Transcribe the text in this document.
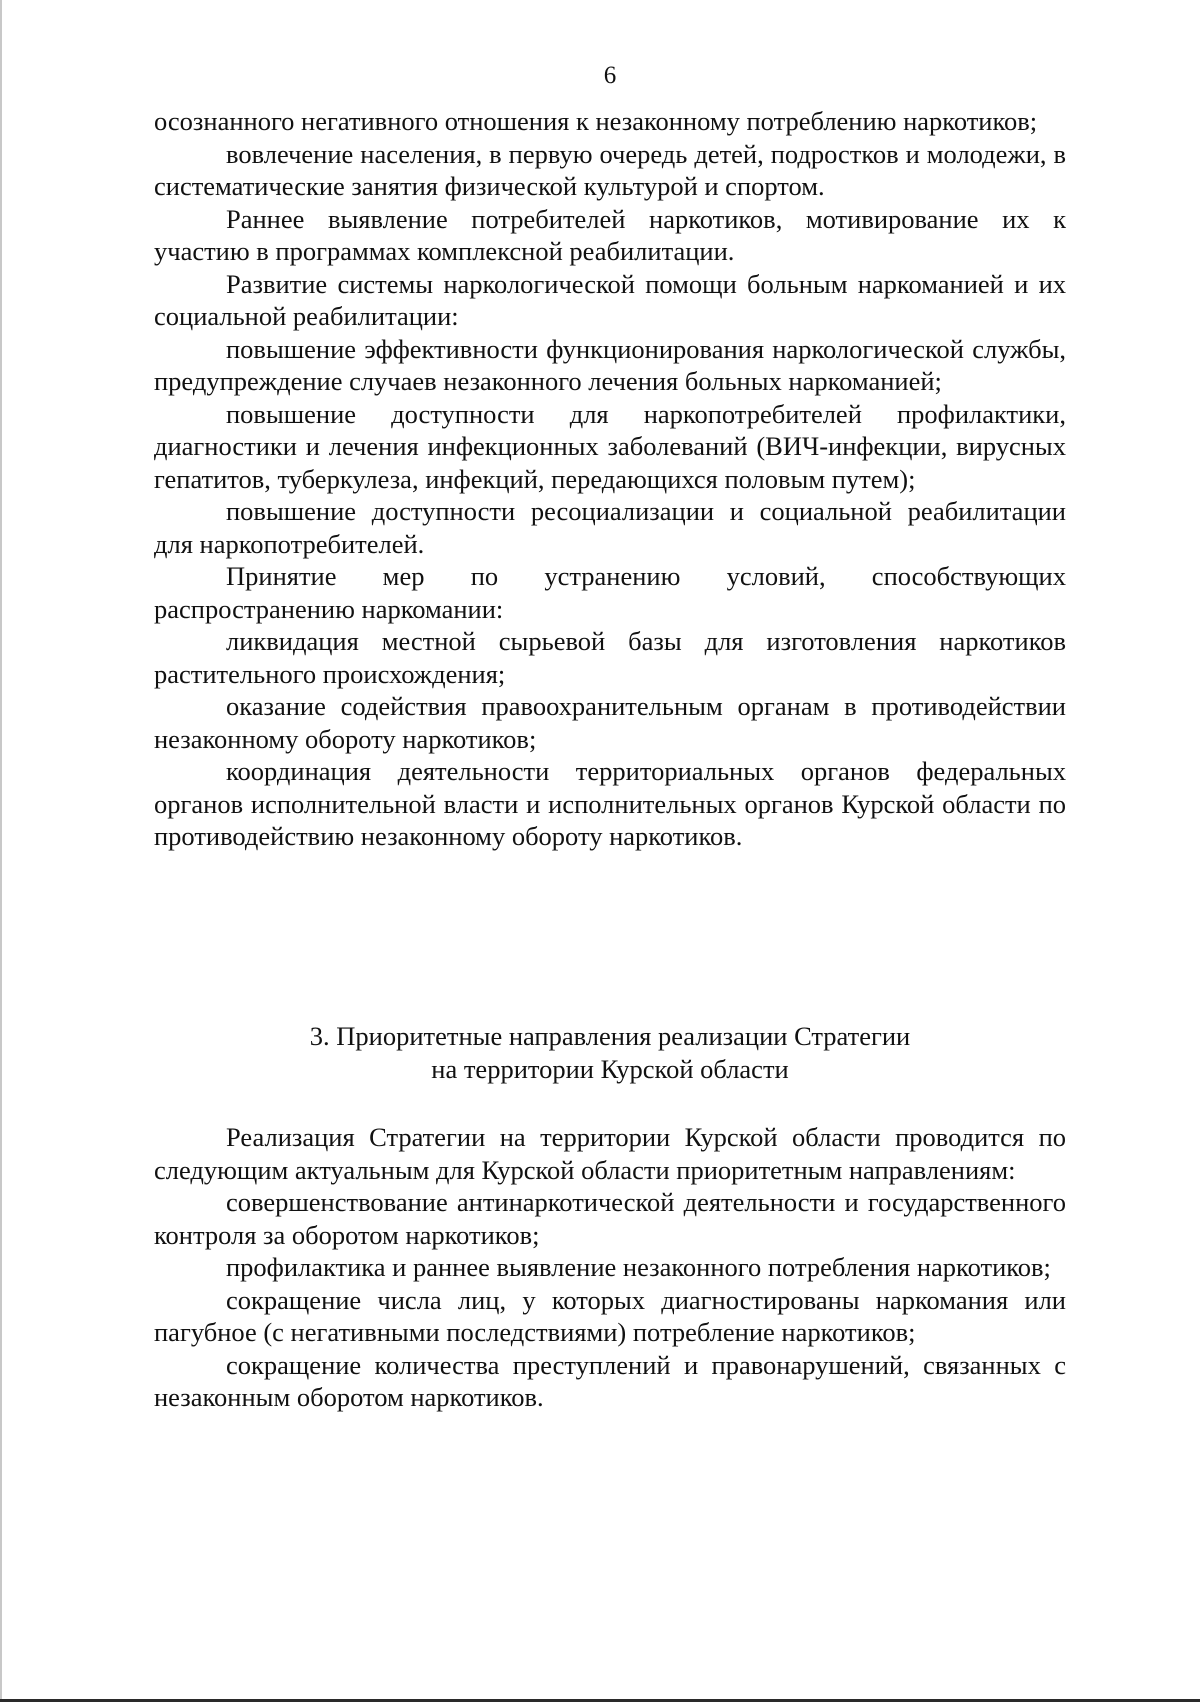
6

осознанного негативного отношения к незаконному потреблению наркотиков;

вовлечение населения, в первую очередь детей, подростков и молодежи, в систематические занятия физической культурой и спортом.

Раннее выявление потребителей наркотиков, мотивирование их к участию в программах комплексной реабилитации.

Развитие системы наркологической помощи больным наркоманией и их социальной реабилитации:

повышение эффективности функционирования наркологической службы, предупреждение случаев незаконного лечения больных наркоманией;

повышение доступности для наркопотребителей профилактики, диагностики и лечения инфекционных заболеваний (ВИЧ-инфекции, вирусных гепатитов, туберкулеза, инфекций, передающихся половым путем);

повышение доступности ресоциализации и социальной реабилитации для наркопотребителей.

Принятие мер по устранению условий, способствующих распространению наркомании:

ликвидация местной сырьевой базы для изготовления наркотиков растительного происхождения;

оказание содействия правоохранительным органам в противодействии незаконному обороту наркотиков;

координация деятельности территориальных органов федеральных органов исполнительной власти и исполнительных органов Курской области по противодействию незаконному обороту наркотиков.

3. Приоритетные направления реализации Стратегии
на территории Курской области

Реализация Стратегии на территории Курской области проводится по следующим актуальным для Курской области приоритетным направлениям:

совершенствование антинаркотической деятельности и государственного контроля за оборотом наркотиков;

профилактика и раннее выявление незаконного потребления наркотиков;

сокращение числа лиц, у которых диагностированы наркомания или пагубное (с негативными последствиями) потребление наркотиков;

сокращение количества преступлений и правонарушений, связанных с незаконным оборотом наркотиков.
